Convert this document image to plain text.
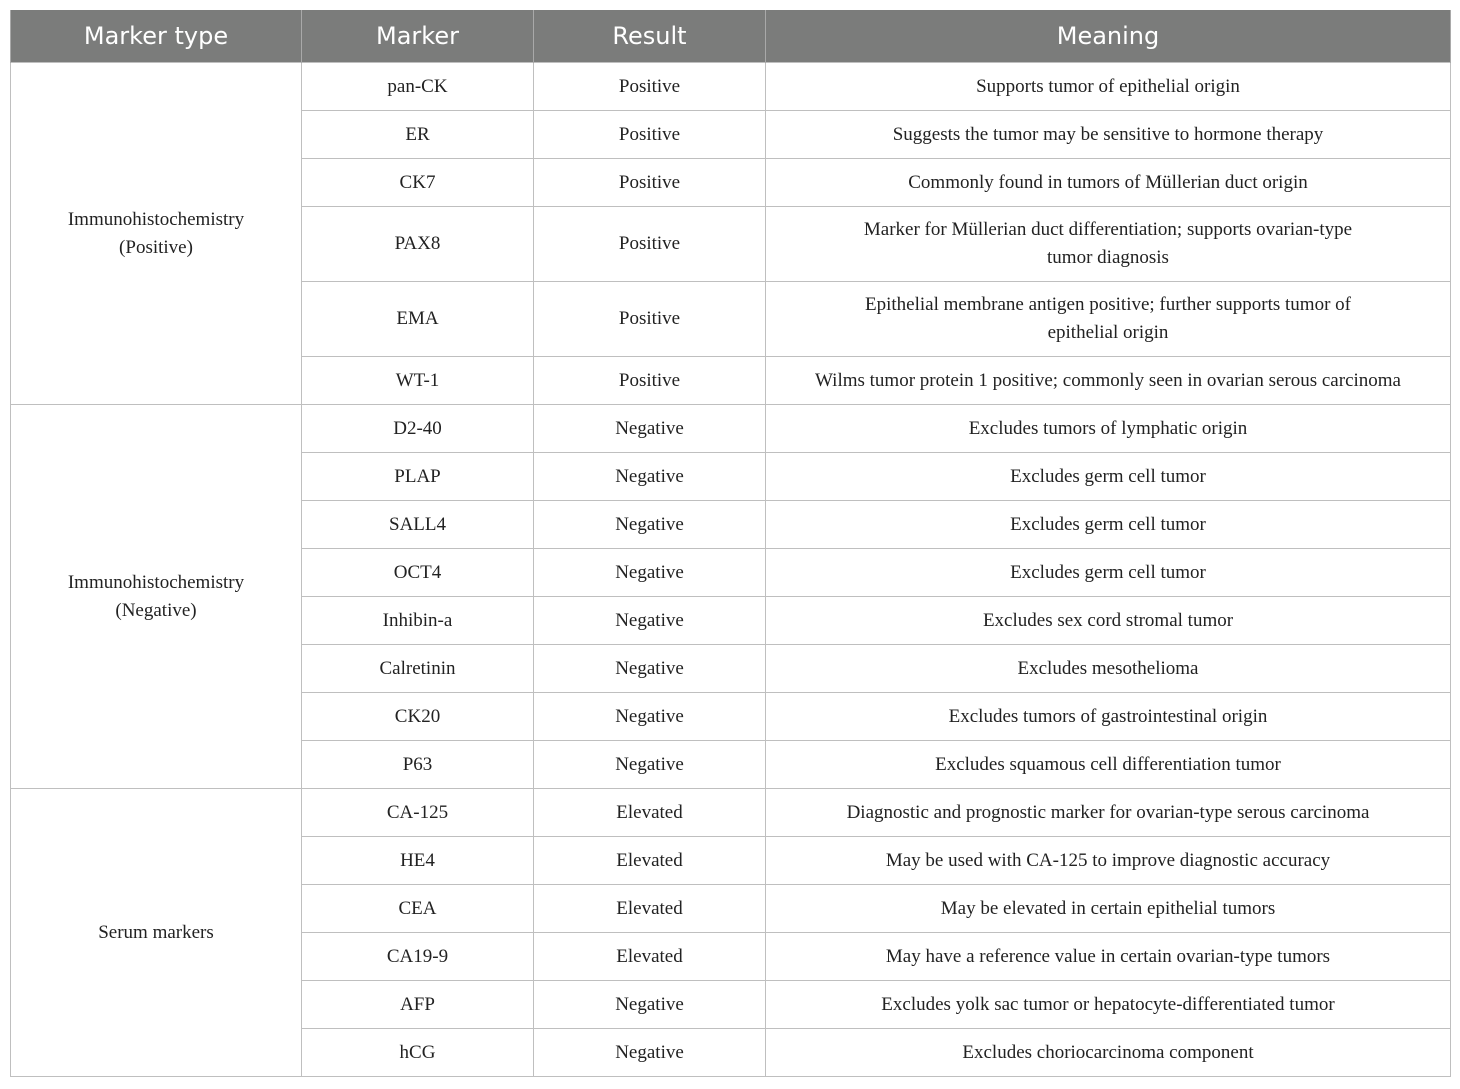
Marker type	Marker	Result	Meaning
Immunohistochemistry
(Positive)	pan-CK	Positive	Supports tumor of epithelial origin
	ER	Positive	Suggests the tumor may be sensitive to hormone therapy
	CK7	Positive	Commonly found in tumors of Müllerian duct origin
	PAX8	Positive	Marker for Müllerian duct differentiation; supports ovarian-type
tumor diagnosis
	EMA	Positive	Epithelial membrane antigen positive; further supports tumor of
epithelial origin
	WT-1	Positive	Wilms tumor protein 1 positive; commonly seen in ovarian serous carcinoma
Immunohistochemistry
(Negative)	D2-40	Negative	Excludes tumors of lymphatic origin
	PLAP	Negative	Excludes germ cell tumor
	SALL4	Negative	Excludes germ cell tumor
	OCT4	Negative	Excludes germ cell tumor
	Inhibin-a	Negative	Excludes sex cord stromal tumor
	Calretinin	Negative	Excludes mesothelioma
	CK20	Negative	Excludes tumors of gastrointestinal origin
	P63	Negative	Excludes squamous cell differentiation tumor
Serum markers	CA-125	Elevated	Diagnostic and prognostic marker for ovarian-type serous carcinoma
	HE4	Elevated	May be used with CA-125 to improve diagnostic accuracy
	CEA	Elevated	May be elevated in certain epithelial tumors
	CA19-9	Elevated	May have a reference value in certain ovarian-type tumors
	AFP	Negative	Excludes yolk sac tumor or hepatocyte-differentiated tumor
	hCG	Negative	Excludes choriocarcinoma component
